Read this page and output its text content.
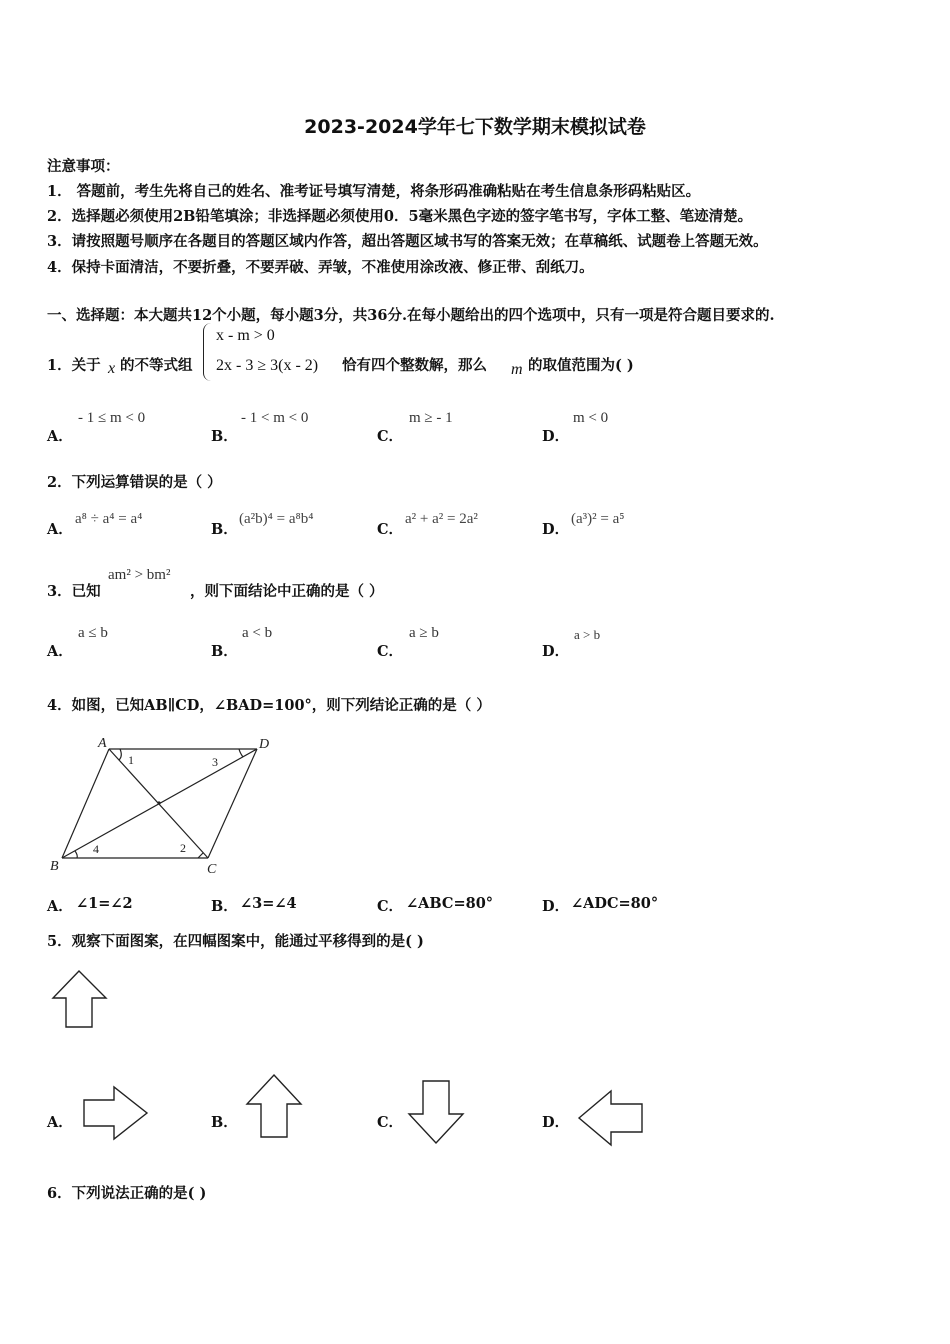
2023-2024学年七下数学期末模拟试卷
注意事项：
1． 答题前，考生先将自己的姓名、准考证号填写清楚，将条形码准确粘贴在考生信息条形码粘贴区。
2．选择题必须使用2B铅笔填涂；非选择题必须使用0．5毫米黑色字迹的签字笔书写，字体工整、笔迹清楚。
3．请按照题号顺序在各题目的答题区域内作答，超出答题区域书写的答案无效；在草稿纸、试题卷上答题无效。
4．保持卡面清洁，不要折叠，不要弄破、弄皱，不准使用涂改液、修正带、刮纸刀。
一、选择题：本大题共12个小题，每小题3分，共36分.在每小题给出的四个选项中，只有一项是符合题目要求的.
1．关于 x 的不等式组
x - m > 0
2x - 3 ≥ 3(x - 2) 恰有四个整数解，那么 m 的取值范围为( )
A．
- 1 ≤ m < 0
B．
- 1 < m < 0
C．
m ≥ - 1
D．
m < 0
2．下列运算错误的是（ ）
A．
a⁸ ÷ a⁴ = a⁴
B．
(a²b)⁴ = a⁸b⁴
C．
a² + a² = 2a²
D．
(a³)² = a⁵
3．已知
am² > bm²
，则下面结论中正确的是（ ）
A．
a ≤ b
B．
a < b
C．
a ≥ b
D．
a > b
4．如图，已知AB∥CD，∠BAD=100°，则下列结论正确的是（ ）
A	D
B	C
1
2
3
4
A． ∠1=∠2	B． ∠3=∠4	C． ∠ABC=80°	D． ∠ADC=80°
5．观察下面图案，在四幅图案中，能通过平移得到的是( )
A．	B．	C．	D．
6．下列说法正确的是( )
